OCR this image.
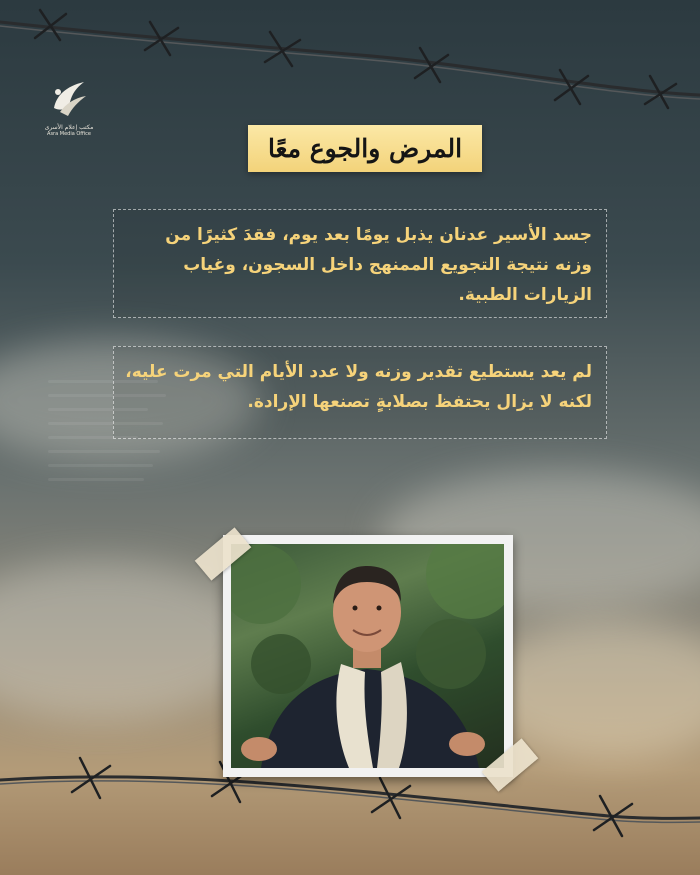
مكتب إعلام الأسرى
Asra Media Office	المرض والجوع معًا
جسد الأسير عدنان يذبل يومًا بعد يوم، فقدَ كثيرًا من وزنه نتيجة التجويع الممنهج داخل السجون، وغياب الزيارات الطبية.
لم يعد يستطيع تقدير وزنه ولا عدد الأيام التي مرت عليه، لكنه لا يزال يحتفظ بصلابةٍ تصنعها الإرادة.
